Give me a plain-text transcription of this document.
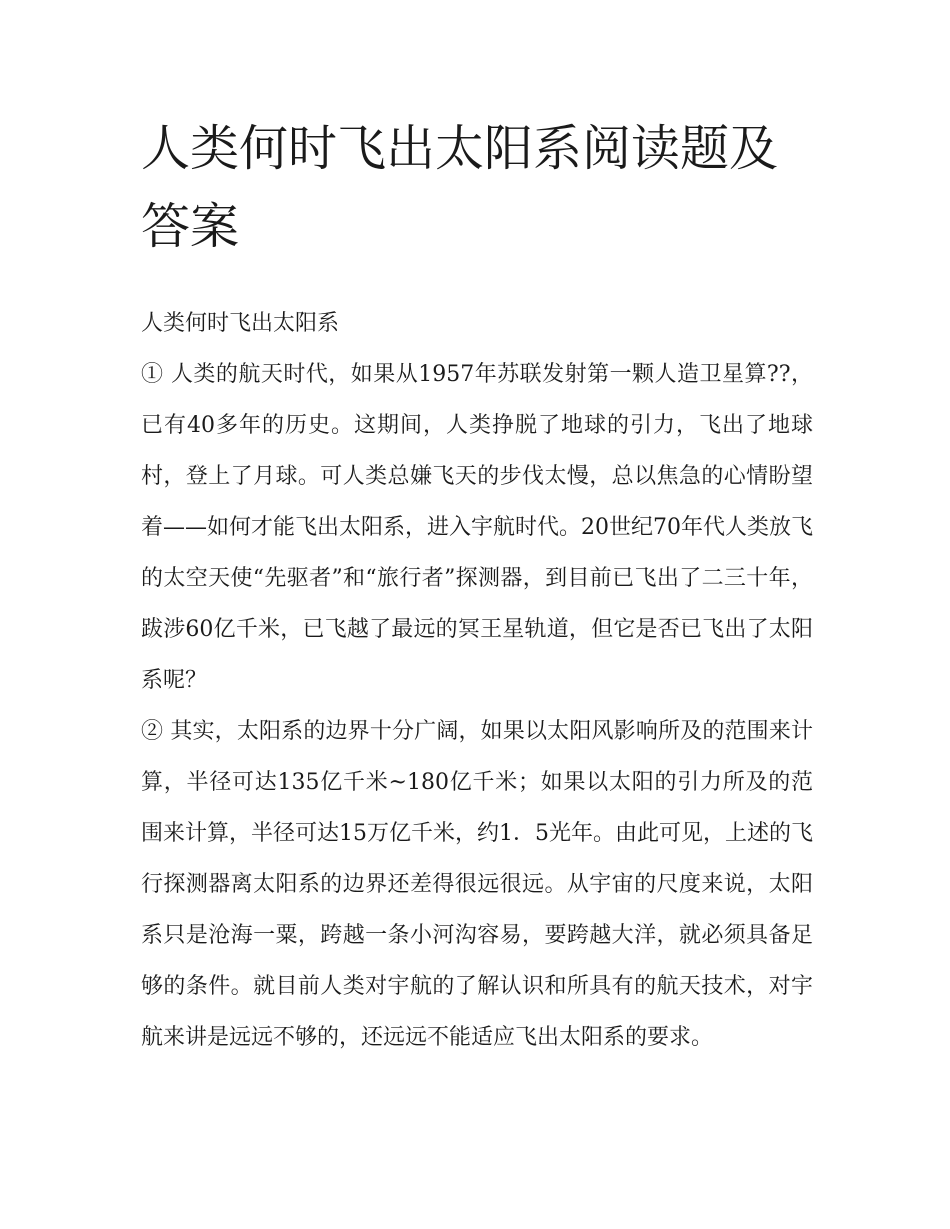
人类何时飞出太阳系阅读题及答案

人类何时飞出太阳系

① 人类的航天时代，如果从1957年苏联发射第一颗人造卫星算??，已有40多年的历史。这期间，人类挣脱了地球的引力，飞出了地球村，登上了月球。可人类总嫌飞天的步伐太慢，总以焦急的心情盼望着——如何才能飞出太阳系，进入宇航时代。20世纪70年代人类放飞的太空天使“先驱者”和“旅行者”探测器，到目前已飞出了二三十年，跋涉60亿千米，已飞越了最远的冥王星轨道，但它是否已飞出了太阳系呢？

② 其实，太阳系的边界十分广阔，如果以太阳风影响所及的范围来计算，半径可达135亿千米~180亿千米；如果以太阳的引力所及的范围来计算，半径可达15万亿千米，约1．5光年。由此可见，上述的飞行探测器离太阳系的边界还差得很远很远。从宇宙的尺度来说，太阳系只是沧海一粟，跨越一条小河沟容易，要跨越大洋，就必须具备足够的条件。就目前人类对宇航的了解认识和所具有的航天技术，对宇航来讲是远远不够的，还远远不能适应飞出太阳系的要求。
